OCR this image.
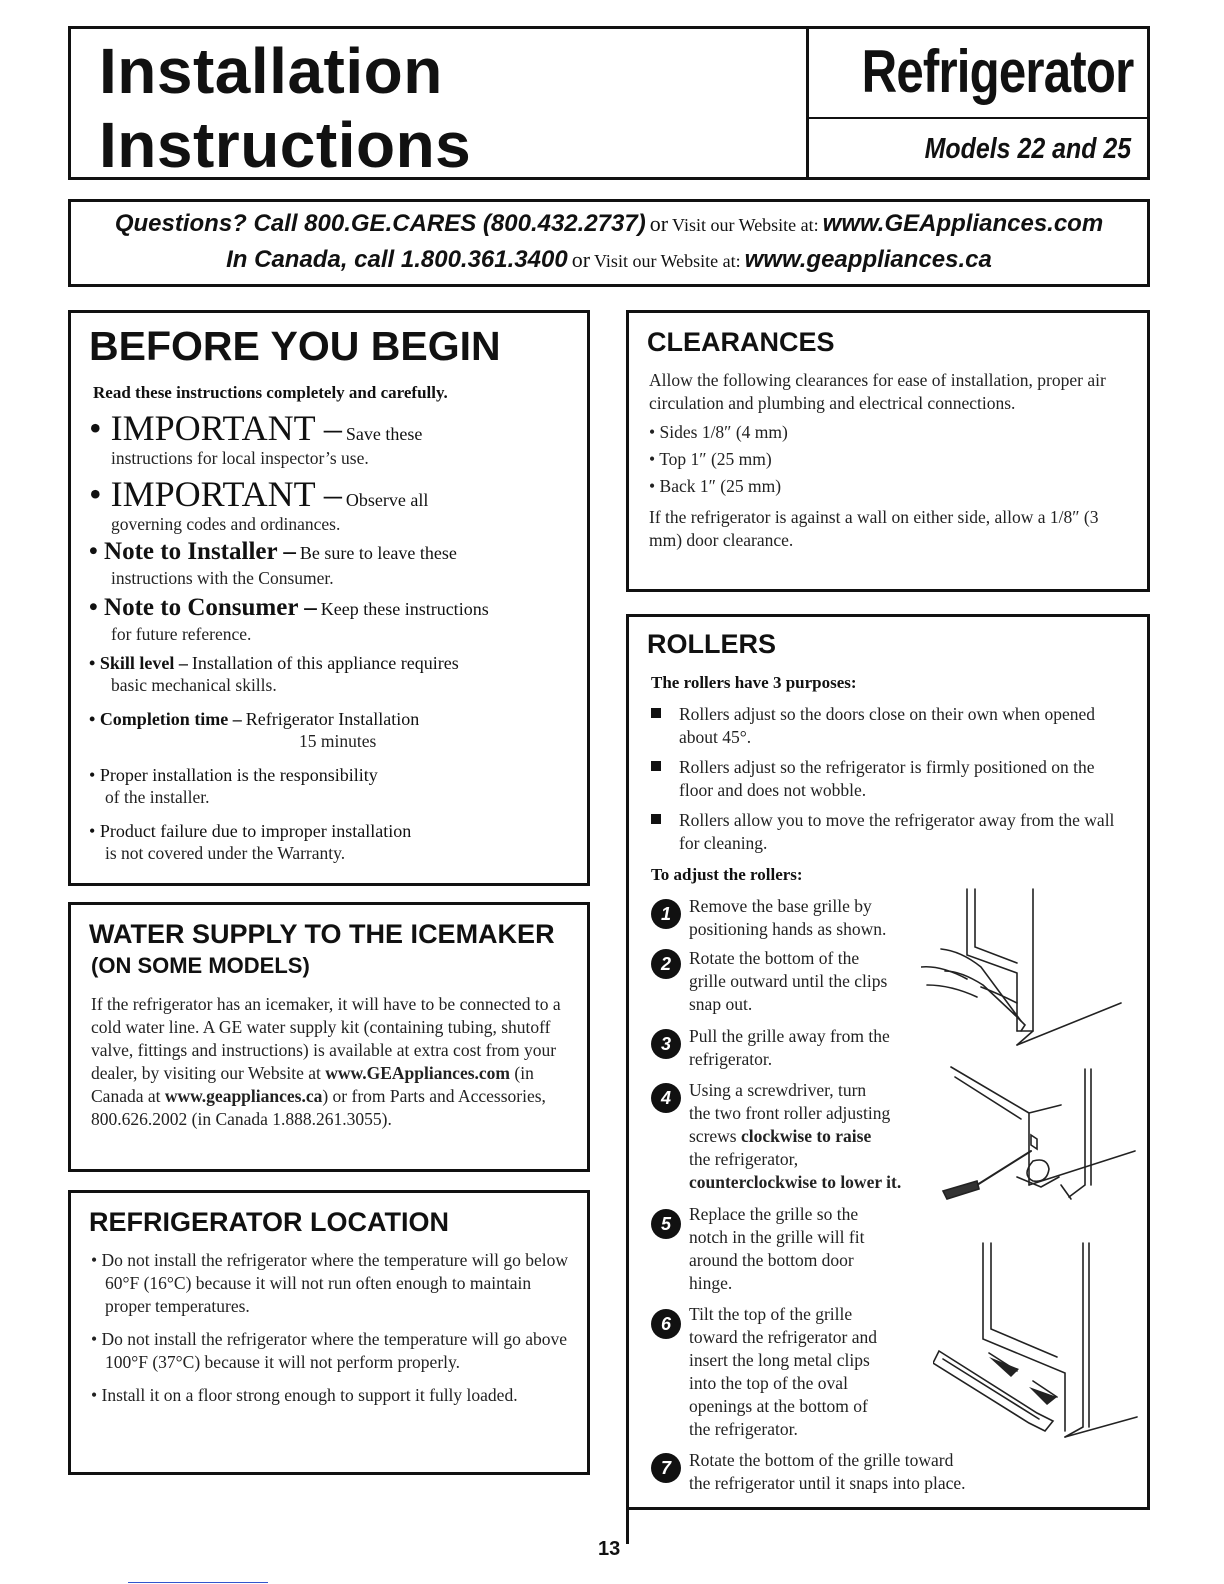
Installation
Instructions
Refrigerator
Models 22 and 25
Questions? Call 800.GE.CARES (800.432.2737) or Visit our Website at: www.GEAppliances.com
In Canada, call 1.800.361.3400 or Visit our Website at: www.geappliances.ca
BEFORE YOU BEGIN
Read these instructions completely and carefully.
• IMPORTANT – Save these
instructions for local inspector’s use.
• IMPORTANT – Observe all
governing codes and ordinances.
• Note to Installer – Be sure to leave these
instructions with the Consumer.
• Note to Consumer – Keep these instructions
for future reference.
• Skill level – Installation of this appliance requires
basic mechanical skills.
• Completion time – Refrigerator Installation
15 minutes
• Proper installation is the responsibility
of the installer.
• Product failure due to improper installation
is not covered under the Warranty.
WATER SUPPLY TO THE ICEMAKER
(ON SOME MODELS)
If the refrigerator has an icemaker, it will have to be connected to a cold water line. A GE water supply kit (containing tubing, shutoff valve, fittings and instructions) is available at extra cost from your dealer, by visiting our Website at www.GEAppliances.com (in Canada at www.geappliances.ca) or from Parts and Accessories, 800.626.2002 (in Canada 1.888.261.3055).
REFRIGERATOR LOCATION

• Do not install the refrigerator where the temperature will go below 60°F (16°C) because it will not run often enough to maintain proper temperatures.

• Do not install the refrigerator where the temperature will go above 100°F (37°C) because it will not perform properly.

• Install it on a floor strong enough to support it fully loaded.

CLEARANCES

Allow the following clearances for ease of installation, proper air circulation and plumbing and electrical connections.

• Sides 1/8″ (4 mm)

• Top 1″ (25 mm)

• Back 1″ (25 mm)

If the refrigerator is against a wall on either side, allow a 1/8″ (3 mm) door clearance.

ROLLERS
The rollers have 3 purposes:
Rollers adjust so the doors close on their own when opened about 45°.
Rollers adjust so the refrigerator is firmly positioned on the floor and does not wobble.
Rollers allow you to move the refrigerator away from the wall for cleaning.
To adjust the rollers:
1	Remove the base grille by
positioning hands as shown.
2	Rotate the bottom of the
grille outward until the clips
snap out.
3	Pull the grille away from the
refrigerator.
4	Using a screwdriver, turn
the two front roller adjusting
screws clockwise to raise
the refrigerator,
counterclockwise to lower it.
5	Replace the grille so the
notch in the grille will fit
around the bottom door
hinge.
6	Tilt the top of the grille
toward the refrigerator and
insert the long metal clips
into the top of the oval
openings at the bottom of
the refrigerator.
7	Rotate the bottom of the grille toward
the refrigerator until it snaps into place.
13
